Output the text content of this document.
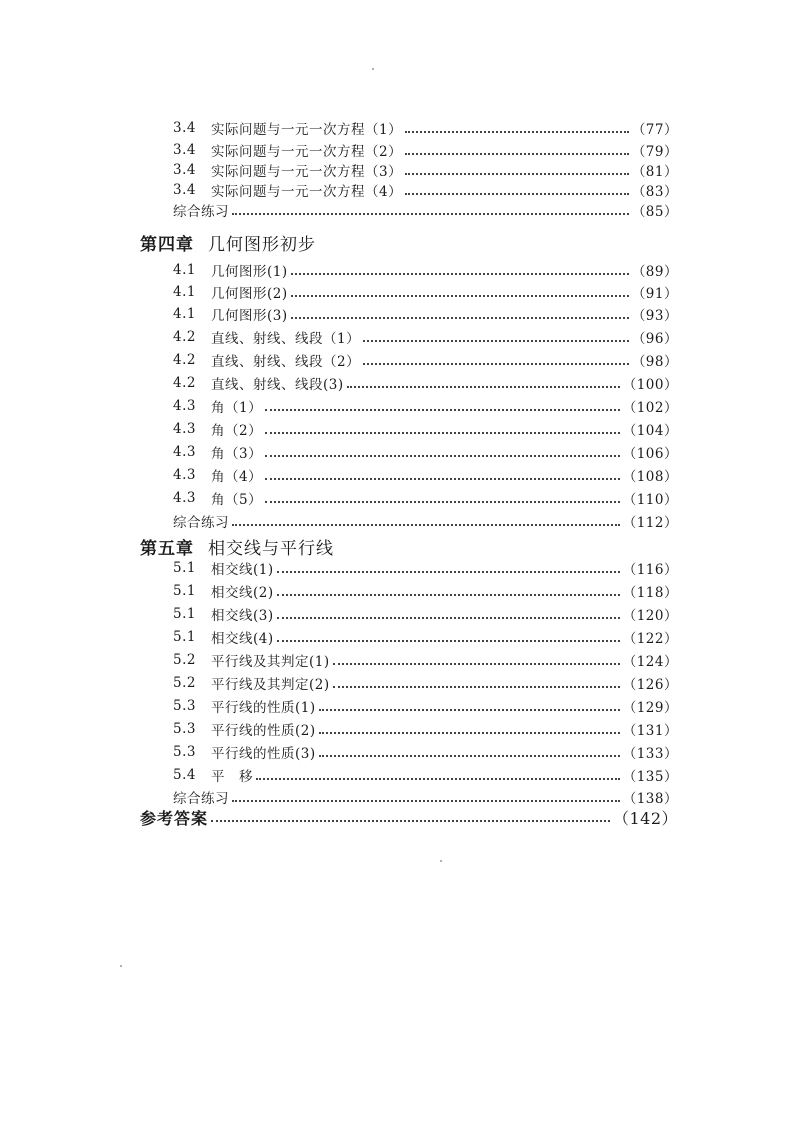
3.4	实际问题与一元一次方程（1）	（77）
3.4	实际问题与一元一次方程（2）	（79）
3.4	实际问题与一元一次方程（3）	（81）
3.4	实际问题与一元一次方程（4）	（83）
综合练习	（85）
第四章 几何图形初步
4.1	几何图形(1)	（89）
4.1	几何图形(2)	（91）
4.1	几何图形(3)	（93）
4.2	直线、射线、线段（1）	（96）
4.2	直线、射线、线段（2）	（98）
4.2	直线、射线、线段(3)	（100）
4.3	角（1）	（102）
4.3	角（2）	（104）
4.3	角（3）	（106）
4.3	角（4）	（108）
4.3	角（5）	（110）
综合练习	（112）
第五章 相交线与平行线
5.1	相交线(1)	（116）
5.1	相交线(2)	（118）
5.1	相交线(3)	（120）
5.1	相交线(4)	（122）
5.2	平行线及其判定(1)	（124）
5.2	平行线及其判定(2)	（126）
5.3	平行线的性质(1)	（129）
5.3	平行线的性质(2)	（131）
5.3	平行线的性质(3)	（133）
5.4	平　移	（135）
综合练习	（138）
参考答案	（142）
